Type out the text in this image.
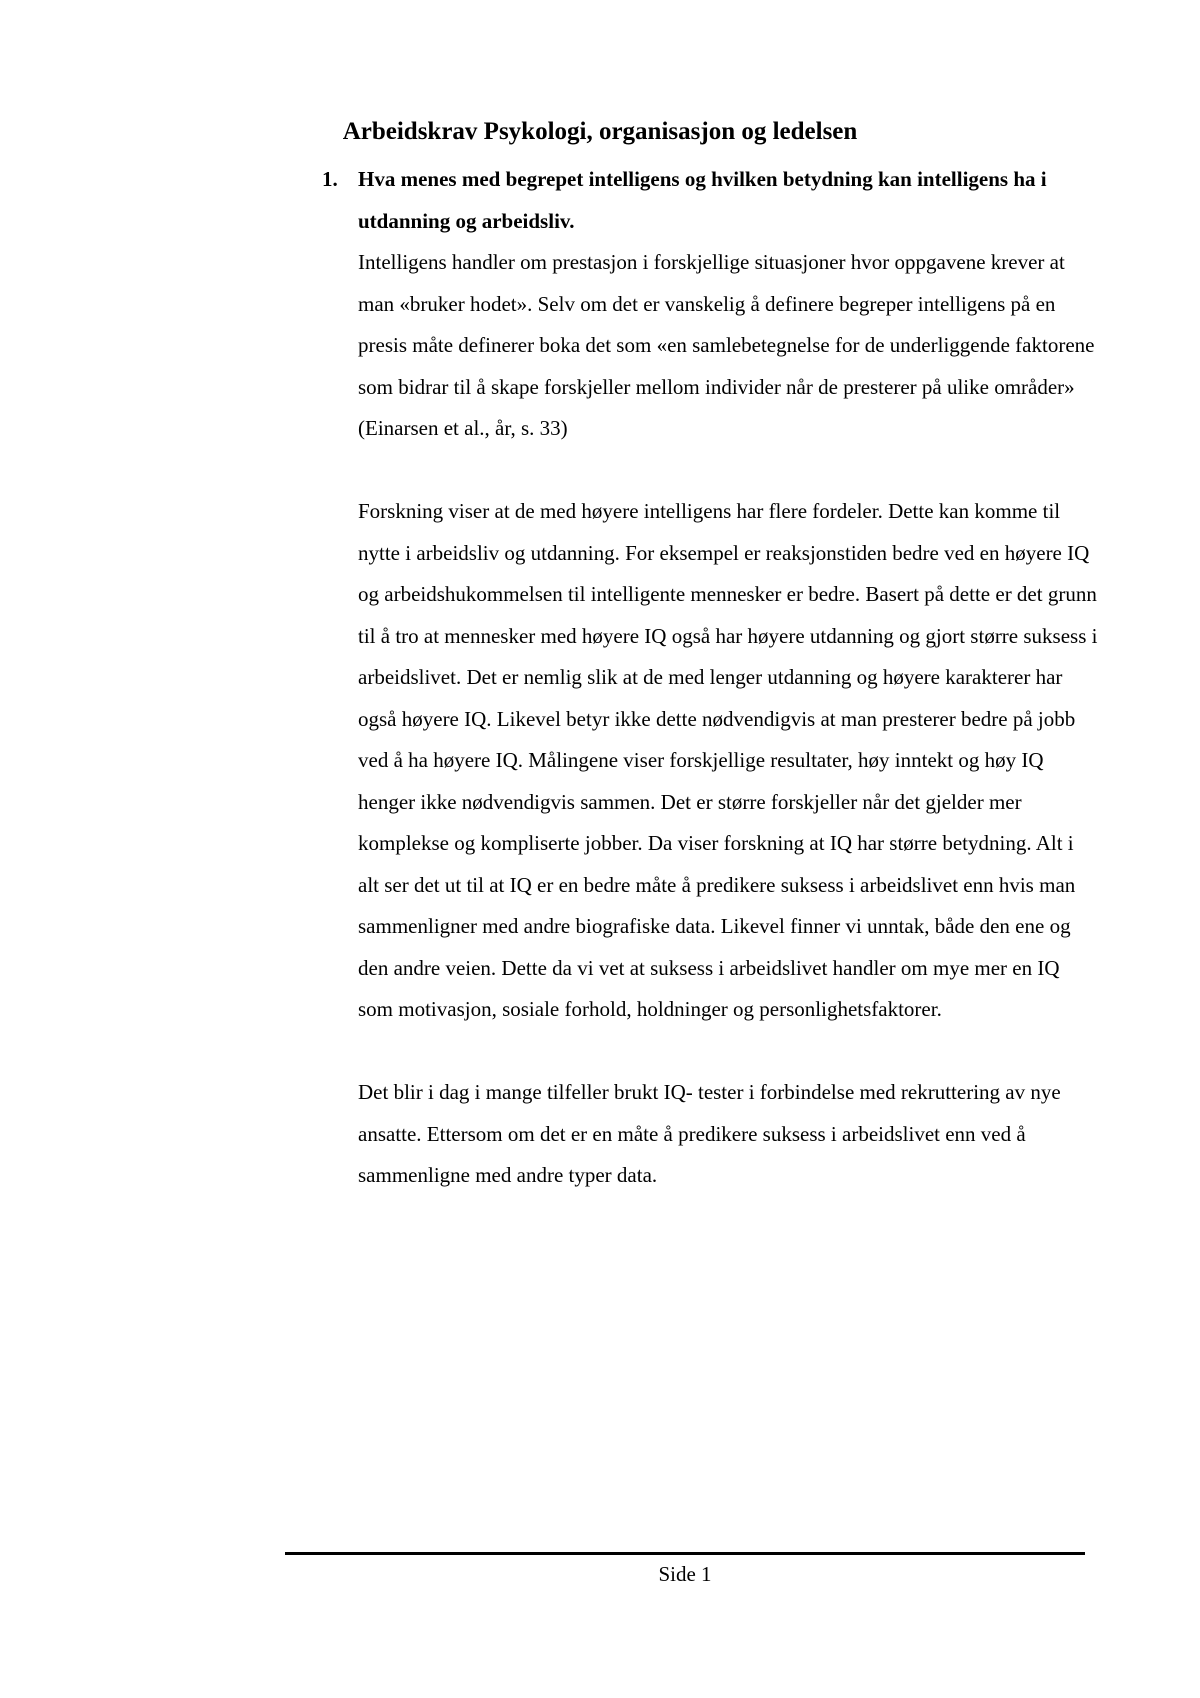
Arbeidskrav Psykologi, organisasjon og ledelsen
1. Hva menes med begrepet intelligens og hvilken betydning kan intelligens ha i utdanning og arbeidsliv.

Intelligens handler om prestasjon i forskjellige situasjoner hvor oppgavene krever at man «bruker hodet». Selv om det er vanskelig å definere begreper intelligens på en presis måte definerer boka det som «en samlebetegnelse for de underliggende faktorene som bidrar til å skape forskjeller mellom individer når de presterer på ulike områder» (Einarsen et al., år, s. 33)

Forskning viser at de med høyere intelligens har flere fordeler. Dette kan komme til nytte i arbeidsliv og utdanning. For eksempel er reaksjonstiden bedre ved en høyere IQ og arbeidshukommelsen til intelligente mennesker er bedre. Basert på dette er det grunn til å tro at mennesker med høyere IQ også har høyere utdanning og gjort større suksess i arbeidslivet. Det er nemlig slik at de med lenger utdanning og høyere karakterer har også høyere IQ. Likevel betyr ikke dette nødvendigvis at man presterer bedre på jobb ved å ha høyere IQ. Målingene viser forskjellige resultater, høy inntekt og høy IQ henger ikke nødvendigvis sammen. Det er større forskjeller når det gjelder mer komplekse og kompliserte jobber. Da viser forskning at IQ har større betydning. Alt i alt ser det ut til at IQ er en bedre måte å predikere suksess i arbeidslivet enn hvis man sammenligner med andre biografiske data. Likevel finner vi unntak, både den ene og den andre veien. Dette da vi vet at suksess i arbeidslivet handler om mye mer en IQ som motivasjon, sosiale forhold, holdninger og personlighetsfaktorer.

Det blir i dag i mange tilfeller brukt IQ- tester i forbindelse med rekruttering av nye ansatte. Ettersom om det er en måte å predikere suksess i arbeidslivet enn ved å sammenligne med andre typer data.

Side 1
